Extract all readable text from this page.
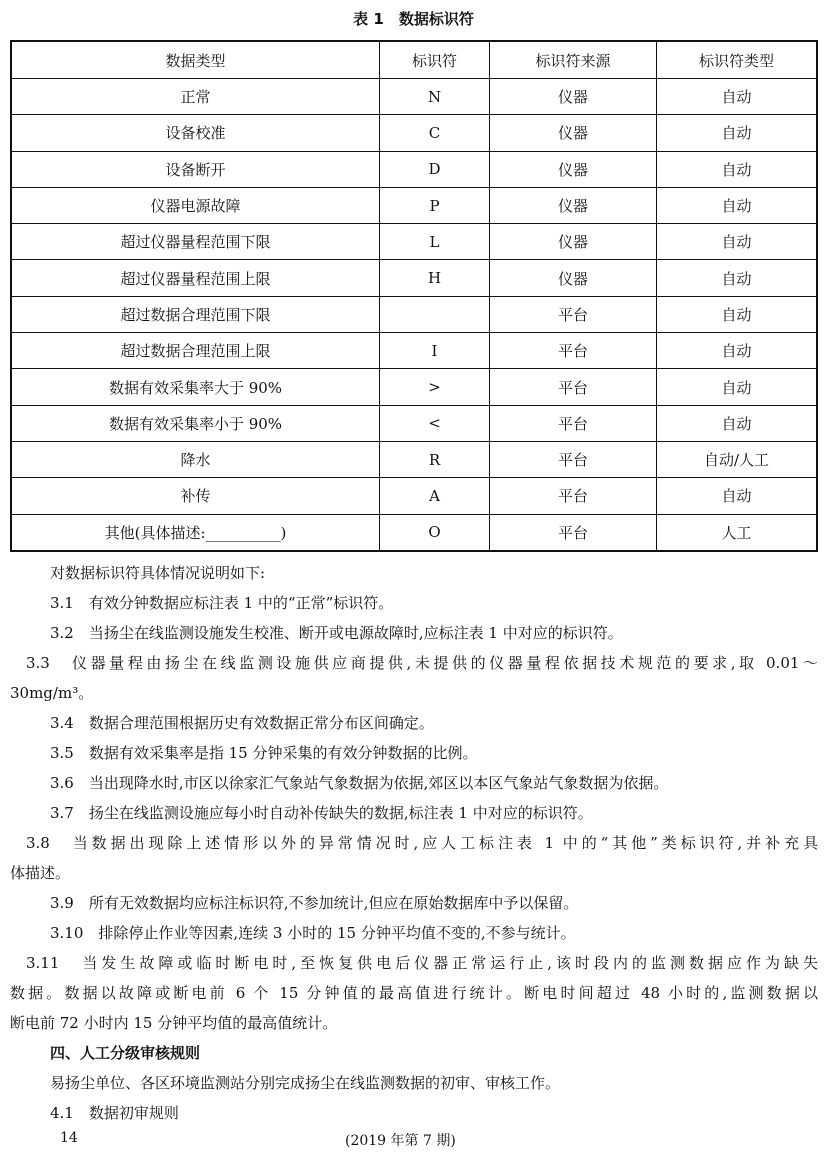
表 1　数据标识符
数据类型	标识符	标识符来源	标识符类型
正常	N	仪器	自动
设备校准	C	仪器	自动
设备断开	D	仪器	自动
仪器电源故障	P	仪器	自动
超过仪器量程范围下限	L	仪器	自动
超过仪器量程范围上限	H	仪器	自动
超过数据合理范围下限		平台	自动
超过数据合理范围上限	I	平台	自动
数据有效采集率大于 90%	>	平台	自动
数据有效采集率小于 90%	<	平台	自动
降水	R	平台	自动/人工
补传	A	平台	自动
其他(具体描述:__________)	O	平台	人工
对数据标识符具体情况说明如下:
3.1　有效分钟数据应标注表 1 中的“正常”标识符。
3.2　当扬尘在线监测设施发生校准、断开或电源故障时,应标注表 1 中对应的标识符。
3.3　仪器量程由扬尘在线监测设施供应商提供,未提供的仪器量程依据技术规范的要求,取 0.01～
30mg/m³。
3.4　数据合理范围根据历史有效数据正常分布区间确定。
3.5　数据有效采集率是指 15 分钟采集的有效分钟数据的比例。
3.6　当出现降水时,市区以徐家汇气象站气象数据为依据,郊区以本区气象站气象数据为依据。
3.7　扬尘在线监测设施应每小时自动补传缺失的数据,标注表 1 中对应的标识符。
3.8　当数据出现除上述情形以外的异常情况时,应人工标注表 1 中的“其他”类标识符,并补充具
体描述。
3.9　所有无效数据均应标注标识符,不参加统计,但应在原始数据库中予以保留。
3.10　排除停止作业等因素,连续 3 小时的 15 分钟平均值不变的,不参与统计。
3.11　当发生故障或临时断电时,至恢复供电后仪器正常运行止,该时段内的监测数据应作为缺失
数据。数据以故障或断电前 6 个 15 分钟值的最高值进行统计。断电时间超过 48 小时的,监测数据以
断电前 72 小时内 15 分钟平均值的最高值统计。
四、人工分级审核规则
易扬尘单位、各区环境监测站分别完成扬尘在线监测数据的初审、审核工作。
4.1　数据初审规则
14	(2019 年第 7 期)
